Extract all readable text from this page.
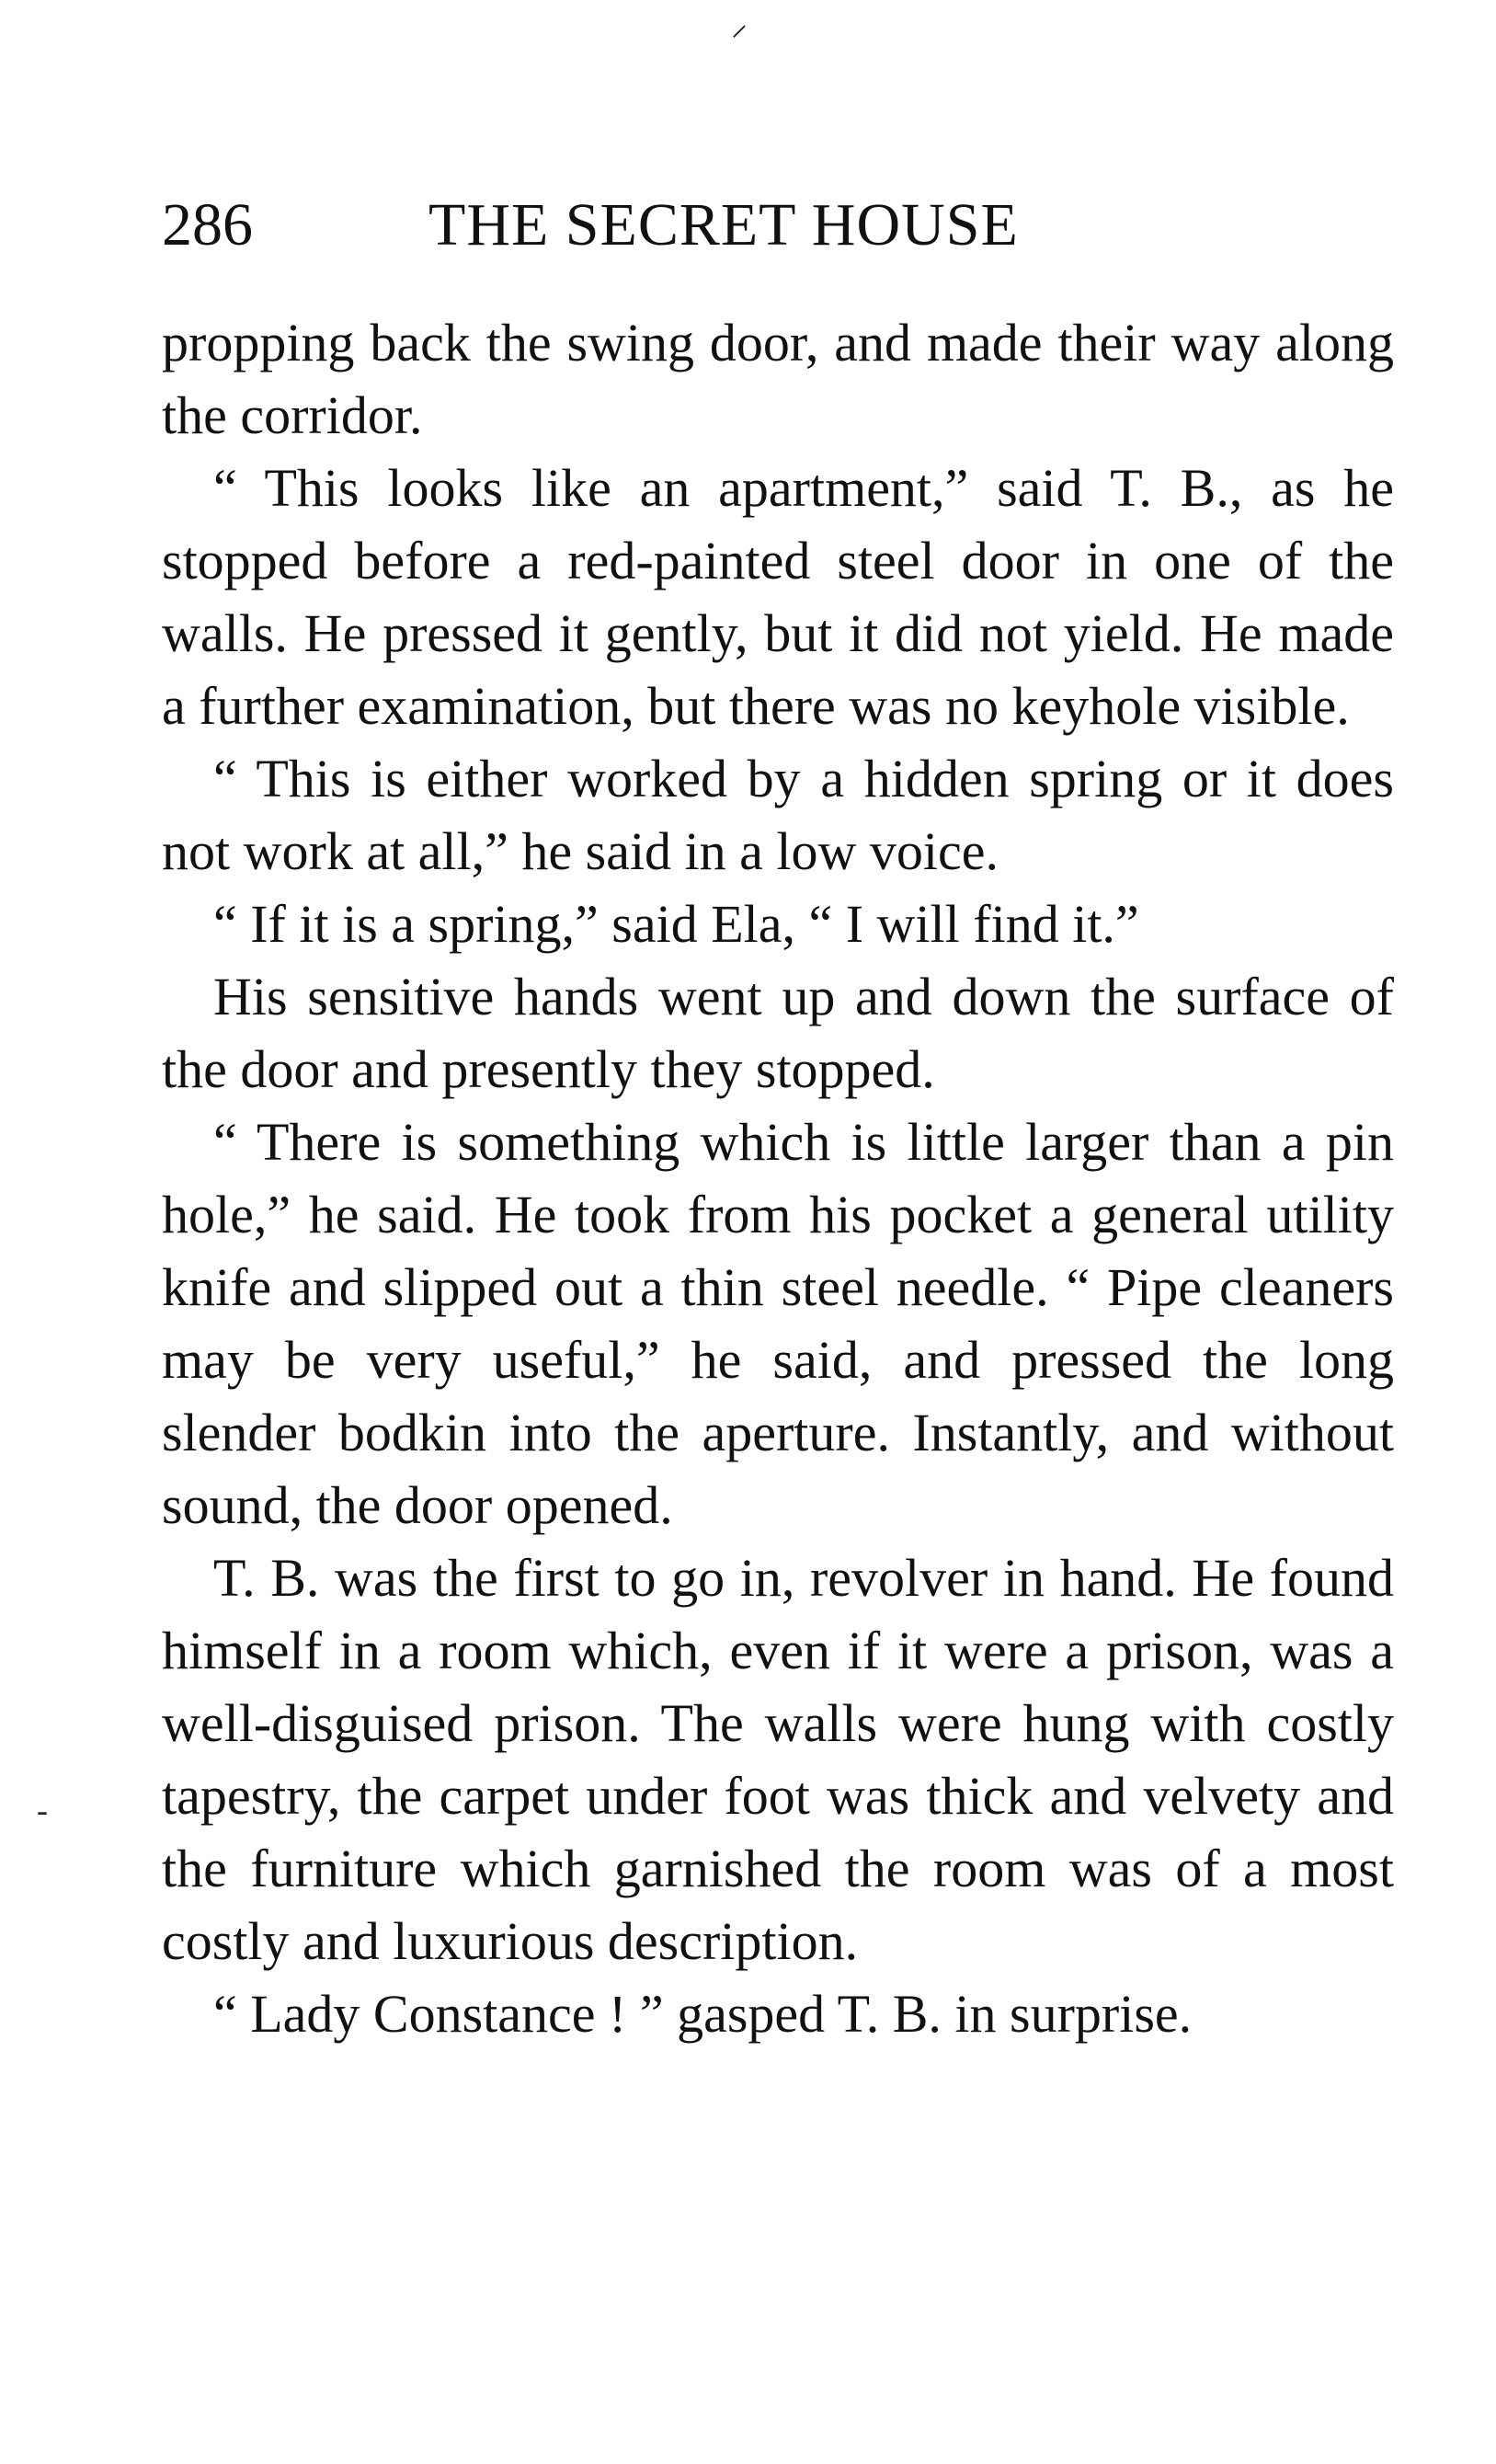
⸝
-
286	THE SECRET HOUSE

propping back the swing door, and made their way along the corridor.

“ This looks like an apartment,” said T. B., as he stopped before a red-painted steel door in one of the walls. He pressed it gently, but it did not yield. He made a further examination, but there was no keyhole visible.

“ This is either worked by a hidden spring or it does not work at all,” he said in a low voice.

“ If it is a spring,” said Ela, “ I will find it.”

His sensitive hands went up and down the surface of the door and presently they stopped.

“ There is something which is little larger than a pin hole,” he said. He took from his pocket a general utility knife and slipped out a thin steel needle. “ Pipe cleaners may be very useful,” he said, and pressed the long slender bodkin into the aperture. Instantly, and without sound, the door opened.

T. B. was the first to go in, revolver in hand. He found himself in a room which, even if it were a prison, was a well-disguised prison. The walls were hung with costly tapestry, the carpet under foot was thick and velvety and the furniture which garnished the room was of a most costly and luxurious description.

“ Lady Constance ! ” gasped T. B. in surprise.
